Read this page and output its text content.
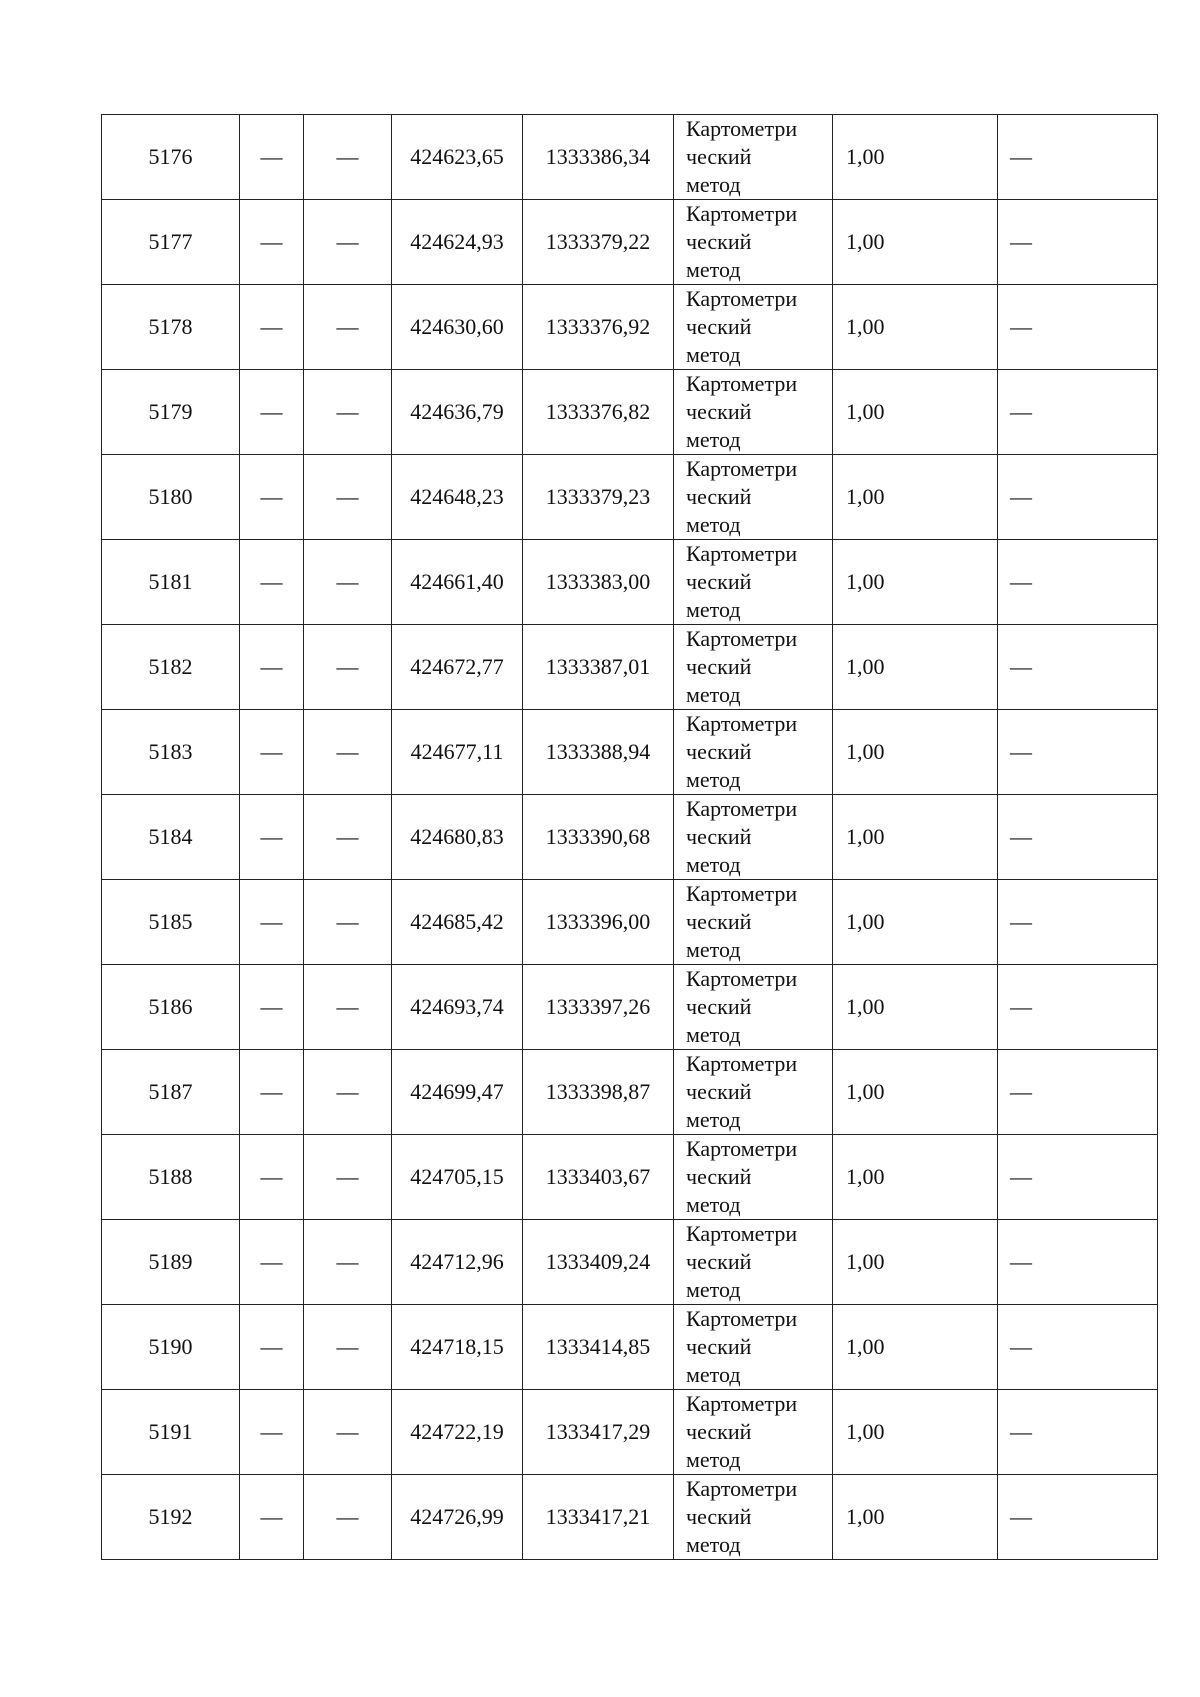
5176	—	—	424623,65	1333386,34	Картометри
ческий
метод	1,00	—
5177	—	—	424624,93	1333379,22	Картометри
ческий
метод	1,00	—
5178	—	—	424630,60	1333376,92	Картометри
ческий
метод	1,00	—
5179	—	—	424636,79	1333376,82	Картометри
ческий
метод	1,00	—
5180	—	—	424648,23	1333379,23	Картометри
ческий
метод	1,00	—
5181	—	—	424661,40	1333383,00	Картометри
ческий
метод	1,00	—
5182	—	—	424672,77	1333387,01	Картометри
ческий
метод	1,00	—
5183	—	—	424677,11	1333388,94	Картометри
ческий
метод	1,00	—
5184	—	—	424680,83	1333390,68	Картометри
ческий
метод	1,00	—
5185	—	—	424685,42	1333396,00	Картометри
ческий
метод	1,00	—
5186	—	—	424693,74	1333397,26	Картометри
ческий
метод	1,00	—
5187	—	—	424699,47	1333398,87	Картометри
ческий
метод	1,00	—
5188	—	—	424705,15	1333403,67	Картометри
ческий
метод	1,00	—
5189	—	—	424712,96	1333409,24	Картометри
ческий
метод	1,00	—
5190	—	—	424718,15	1333414,85	Картометри
ческий
метод	1,00	—
5191	—	—	424722,19	1333417,29	Картометри
ческий
метод	1,00	—
5192	—	—	424726,99	1333417,21	Картометри
ческий
метод	1,00	—
